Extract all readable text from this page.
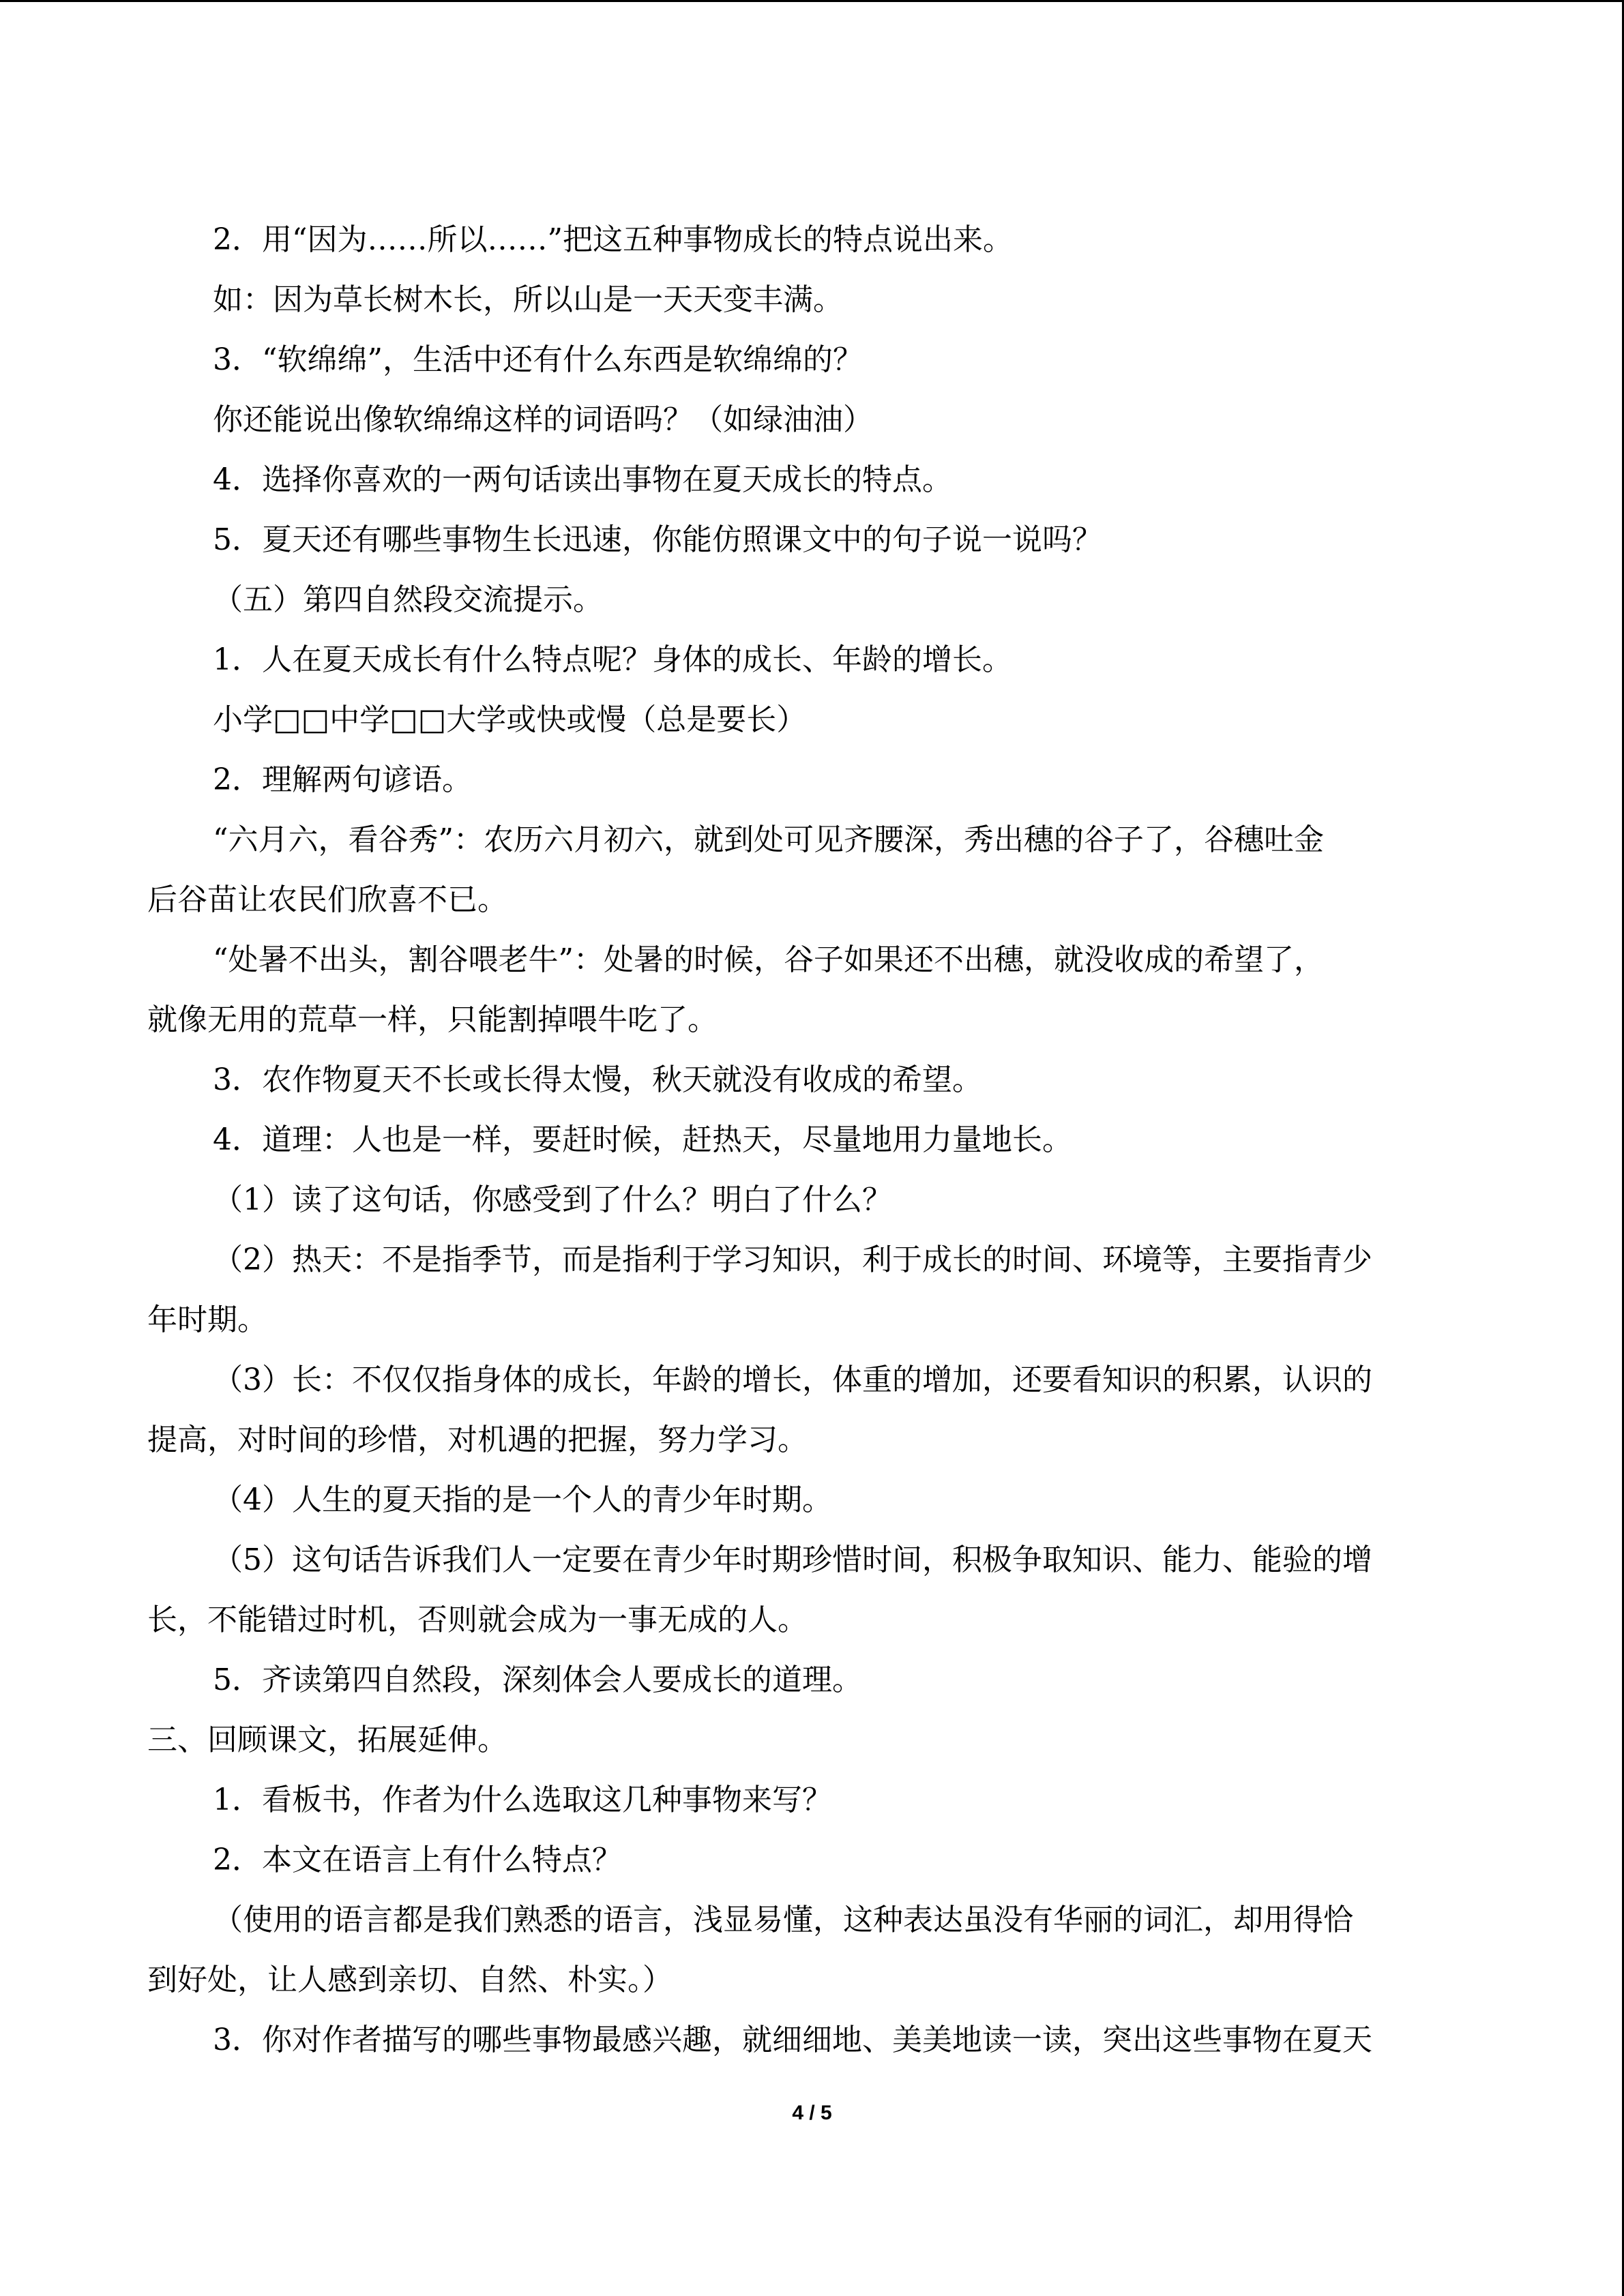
2．用“因为……所以……”把这五种事物成长的特点说出来。
如：因为草长树木长，所以山是一天天变丰满。
3．“软绵绵”，生活中还有什么东西是软绵绵的？
你还能说出像软绵绵这样的词语吗？（如绿油油）
4．选择你喜欢的一两句话读出事物在夏天成长的特点。
5．夏天还有哪些事物生长迅速，你能仿照课文中的句子说一说吗？
（五）第四自然段交流提示。
1．人在夏天成长有什么特点呢？身体的成长、年龄的增长。
小学□□中学□□大学或快或慢（总是要长）
2．理解两句谚语。
“六月六，看谷秀”：农历六月初六，就到处可见齐腰深，秀出穗的谷子了，谷穗吐金
后谷苗让农民们欣喜不已。
“处暑不出头，割谷喂老牛”：处暑的时候，谷子如果还不出穗，就没收成的希望了，
就像无用的荒草一样，只能割掉喂牛吃了。
3．农作物夏天不长或长得太慢，秋天就没有收成的希望。
4．道理：人也是一样，要赶时候，赶热天，尽量地用力量地长。
（1）读了这句话，你感受到了什么？明白了什么？
（2）热天：不是指季节，而是指利于学习知识，利于成长的时间、环境等，主要指青少
年时期。
（3）长：不仅仅指身体的成长，年龄的增长，体重的增加，还要看知识的积累，认识的
提高，对时间的珍惜，对机遇的把握，努力学习。
（4）人生的夏天指的是一个人的青少年时期。
（5）这句话告诉我们人一定要在青少年时期珍惜时间，积极争取知识、能力、能验的增
长，不能错过时机，否则就会成为一事无成的人。
5．齐读第四自然段，深刻体会人要成长的道理。
三、回顾课文，拓展延伸。
1．看板书，作者为什么选取这几种事物来写？
2．本文在语言上有什么特点？
（使用的语言都是我们熟悉的语言，浅显易懂，这种表达虽没有华丽的词汇，却用得恰
到好处，让人感到亲切、自然、朴实。）
3．你对作者描写的哪些事物最感兴趣，就细细地、美美地读一读，突出这些事物在夏天
4 / 5
